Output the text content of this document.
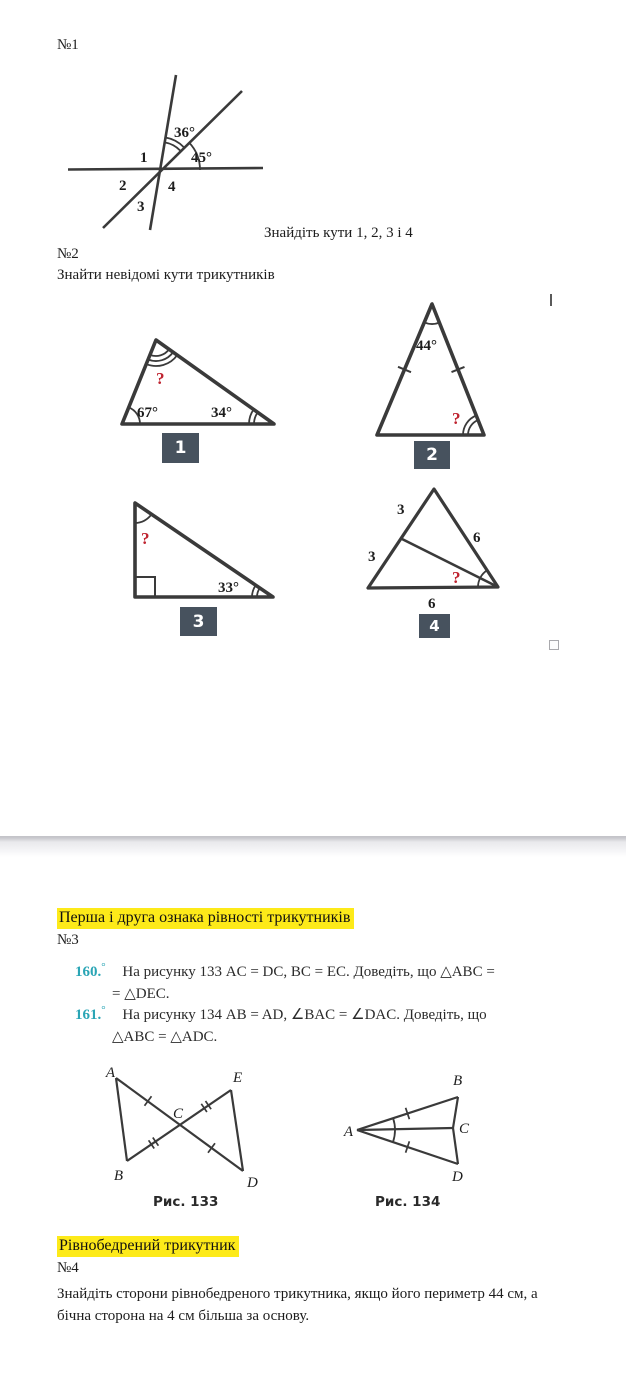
№1
36°
45°
1
2
3
4
Знайдіть кути 1, 2, 3 і 4
№2
Знайти невідомі кути трикутників
67°	34°
?
1
44°
?
2
33°
?
3
3
3
6
6
?
4
Перша і друга ознака рівності трикутників
№3
160.° На рисунку 133 AC = DC, BC = EC. Доведіть, що △ABC =
= △DEC.
161.° На рисунку 134 AB = AD, ∠BAC = ∠DAC. Доведіть, що
△ABC = △ADC.
A
B
C
D
E
Рис. 133
A
B
C
D
Рис. 134
Рівнобедрений трикутник
№4
Знайдіть сторони рівнобедреного трикутника, якщо його периметр 44 см, а
бічна сторона на 4 см більша за основу.
